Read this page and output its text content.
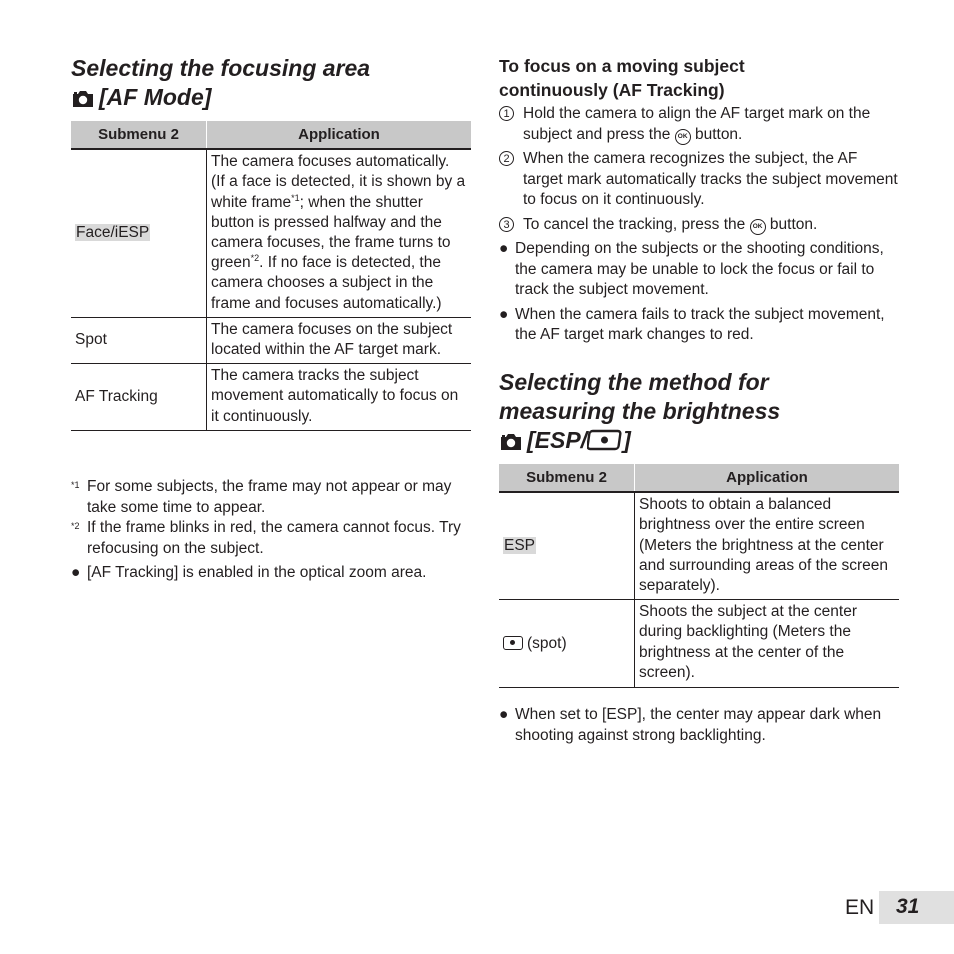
Selecting the focusing area
[AF Mode]
Submenu 2	Application
Face/iESP	The camera focuses automatically. (If a face is detected, it is shown by a white frame$^{*1}$; when the shutter button is pressed halfway and the camera focuses, the frame turns to green$^{*2}$. If no face is detected, the camera chooses a subject in the frame and focuses automatically.)
Spot	The camera focuses on the subject located within the AF target mark.
AF Tracking	The camera tracks the subject movement automatically to focus on it continuously.
*1 For some subjects, the frame may not appear or may take some time to appear.
*2 If the frame blinks in red, the camera cannot focus. Try refocusing on the subject.
● [AF Tracking] is enabled in the optical zoom area.
To focus on a moving subject
continuously (AF Tracking)
1 Hold the camera to align the AF target mark on the subject and press the OK button.
2 When the camera recognizes the subject, the AF target mark automatically tracks the subject movement to focus on it continuously.
3 To cancel the tracking, press the OK button.
● Depending on the subjects or the shooting conditions, the camera may be unable to lock the focus or fail to track the subject movement.
● When the camera fails to track the subject movement, the AF target mark changes to red.
Selecting the method for
measuring the brightness
[ESP/ ]
Submenu 2	Application
ESP	Shoots to obtain a balanced brightness over the entire screen (Meters the brightness at the center and surrounding areas of the screen separately).
(spot)	Shoots the subject at the center during backlighting (Meters the brightness at the center of the screen).
● When set to [ESP], the center may appear dark when shooting against strong backlighting.
EN 31
